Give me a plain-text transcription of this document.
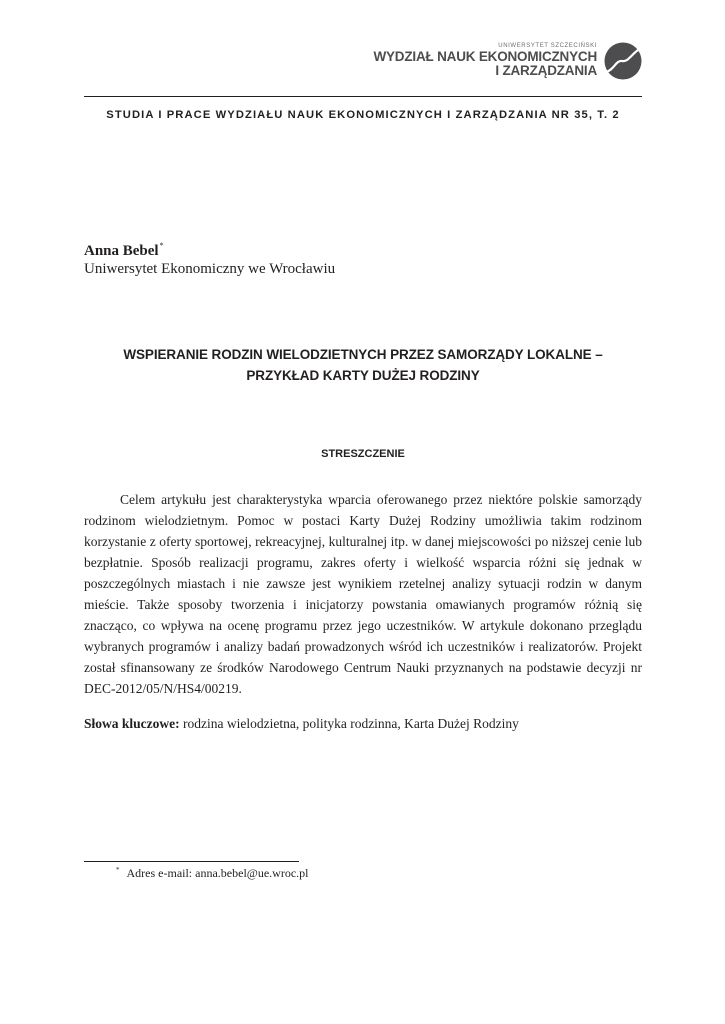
UNIWERSYTET SZCZECIŃSKI
WYDZIAŁ NAUK EKONOMICZNYCH
I ZARZĄDZANIA
STUDIA I PRACE WYDZIAŁU NAUK EKONOMICZNYCH I ZARZĄDZANIA NR 35, T. 2
Anna Bebel*
Uniwersytet Ekonomiczny we Wrocławiu
WSPIERANIE RODZIN WIELODZIETNYCH PRZEZ SAMORZĄDY LOKALNE –
PRZYKŁAD KARTY DUŻEJ RODZINY
STRESZCZENIE

Celem artykułu jest charakterystyka wparcia oferowanego przez niektóre polskie samorządy rodzinom wielodzietnym. Pomoc w postaci Karty Dużej Rodziny umożliwia takim rodzinom korzystanie z oferty sportowej, rekreacyjnej, kulturalnej itp. w danej miejscowości po niższej cenie lub bezpłatnie. Sposób realizacji programu, zakres oferty i wielkość wsparcia różni się jednak w poszczególnych miastach i nie zawsze jest wynikiem rzetelnej analizy sytuacji rodzin w danym mieście. Także sposoby tworzenia i inicjatorzy powstania omawianych programów różnią się znacząco, co wpływa na ocenę programu przez jego uczestników. W artykule dokonano przeglądu wybranych programów i analizy badań prowadzonych wśród ich uczestników i realizatorów. Projekt został sfinansowany ze środków Narodowego Centrum Nauki przyznanych na podstawie decyzji nr DEC-2012/05/N/HS4/00219.

Słowa kluczowe: rodzina wielodzietna, polityka rodzinna, Karta Dużej Rodziny
* Adres e-mail: anna.bebel@ue.wroc.pl
